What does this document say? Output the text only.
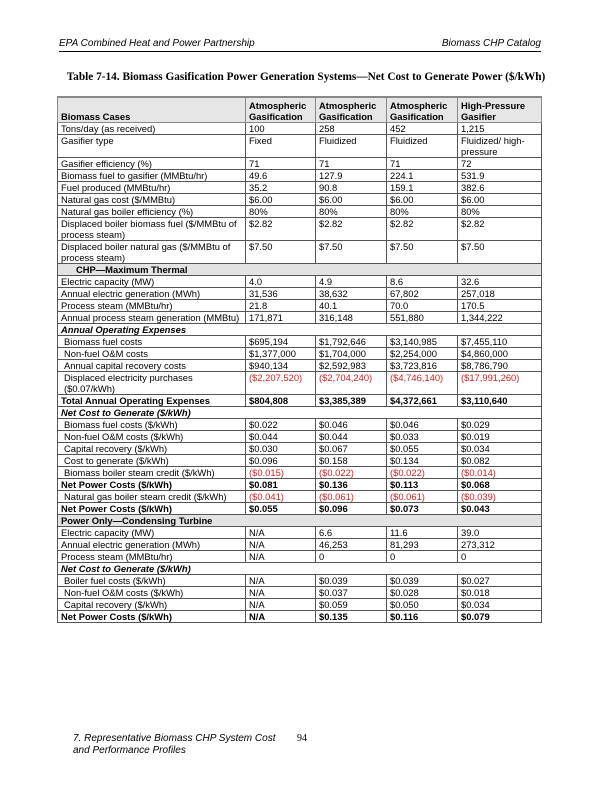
EPA Combined Heat and Power Partnership	Biomass CHP Catalog
Table 7-14. Biomass Gasification Power Generation Systems—Net Cost to Generate Power ($/kWh)
Biomass Cases	Atmospheric Gasification	Atmospheric Gasification	Atmospheric Gasification	High-Pressure Gasifier
Tons/day (as received)	100	258	452	1,215
Gasifier type	Fixed	Fluidized	Fluidized	Fluidized/ high-pressure
Gasifier efficiency (%)	71	71	71	72
Biomass fuel to gasifier (MMBtu/hr)	49.6	127.9	224.1	531.9
Fuel produced (MMBtu/hr)	35.2	90.8	159.1	382.6
Natural gas cost ($/MMBtu)	$6.00	$6.00	$6.00	$6.00
Natural gas boiler efficiency (%)	80%	80%	80%	80%
Displaced boiler biomass fuel ($/MMBtu of process steam)	$2.82	$2.82	$2.82	$2.82
Displaced boiler natural gas ($/MMBtu of process steam)	$7.50	$7.50	$7.50	$7.50
CHP—Maximum Thermal				
Electric capacity (MW)	4.0	4.9	8.6	32.6
Annual electric generation (MWh)	31,536	38,632	67,802	257,018
Process steam (MMBtu/hr)	21.8	40.1	70.0	170.5
Annual process steam generation (MMBtu)	171,871	316,148	551,880	1,344,222
Annual Operating Expenses				
Biomass fuel costs	$695,194	$1,792,646	$3,140,985	$7,455,110
Non-fuel O&M costs	$1,377,000	$1,704,000	$2,254,000	$4,860,000
Annual capital recovery costs	$940,134	$2,592,983	$3,723,816	$8,786,790
Displaced electricity purchases ($0.07/kWh)	($2,207,520)	($2,704,240)	($4,746,140)	($17,991,260)
Total Annual Operating Expenses	$804,808	$3,385,389	$4,372,661	$3,110,640
Net Cost to Generate ($/kWh)				
Biomass fuel costs ($/kWh)	$0.022	$0.046	$0.046	$0.029
Non-fuel O&M costs ($/kWh)	$0.044	$0.044	$0.033	$0.019
Capital recovery ($/kWh)	$0.030	$0.067	$0.055	$0.034
Cost to generate ($/kWh)	$0.096	$0.158	$0.134	$0.082
Biomass boiler steam credit ($/kWh)	($0.015)	($0.022)	($0.022)	($0.014)
Net Power Costs ($/kWh)	$0.081	$0.136	$0.113	$0.068
Natural gas boiler steam credit ($/kWh)	($0.041)	($0.061)	($0.061)	($0.039)
Net Power Costs ($/kWh)	$0.055	$0.096	$0.073	$0.043
Power Only—Condensing Turbine				
Electric capacity (MW)	N/A	6.6	11.6	39.0
Annual electric generation (MWh)	N/A	46,253	81,293	273,312
Process steam (MMBtu/hr)	N/A	0	0	0
Net Cost to Generate ($/kWh)				
Boiler fuel costs ($/kWh)	N/A	$0.039	$0.039	$0.027
Non-fuel O&M costs ($/kWh)	N/A	$0.037	$0.028	$0.018
Capital recovery ($/kWh)	N/A	$0.059	$0.050	$0.034
Net Power Costs ($/kWh)	N/A	$0.135	$0.116	$0.079
7. Representative Biomass CHP System Cost
and Performance Profiles
94
